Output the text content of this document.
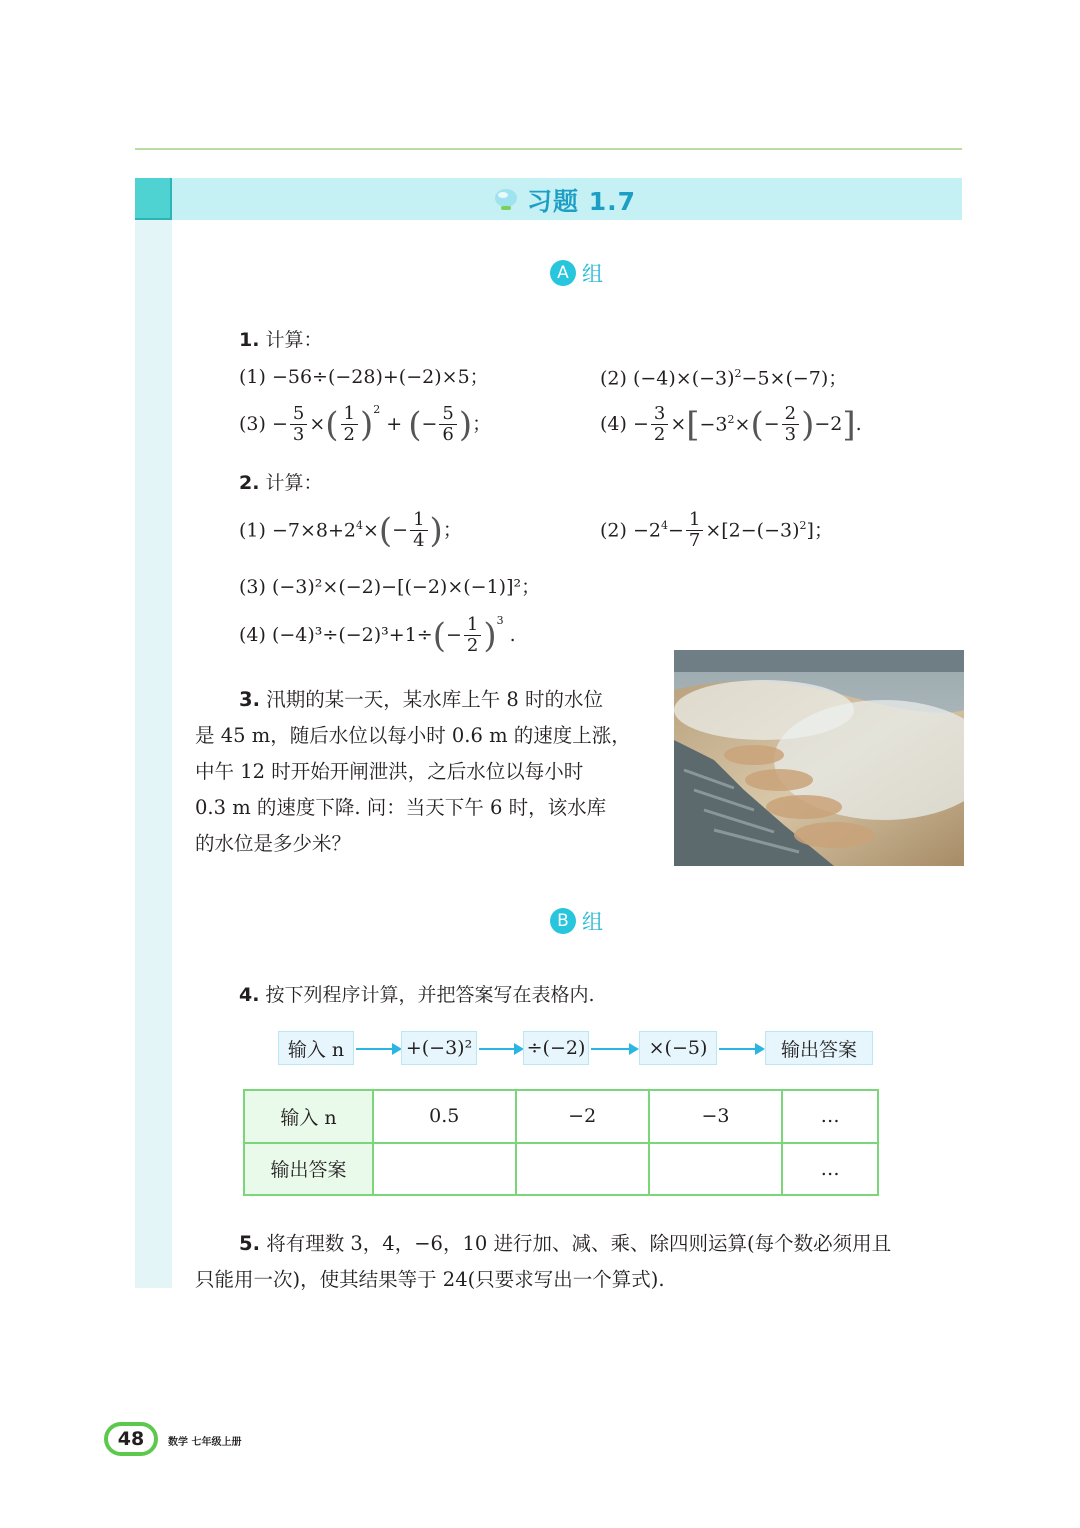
习题 1.7
A 组
1. 计算：
(1) −56÷(−28)+(−2)×5；	(2) $(-4)\times(-3)^2-5\times(-7)$；
$(3) - \frac{5}{3}$ × ( $\frac{1}{2} )^2$
+ ( − $\frac{5}{6}$ ) ；	$(4) - \frac{3}{2}$ × [ $-3^2\times$ ( − $\frac{2}{3}$ ) −2 ] .
2. 计算：
$(1) -7\times 8+2^4\times$ ( − $\frac{1}{4}$ ) ；	$(2) -2^4- \frac{1}{7} \times[2-(-3)^2]$；
(3) (−3)²×(−2)−[(−2)×(−1)]²；
(4) (−4)³÷(−2)³+1÷ ( − $\frac{1}{2} )^3$
.
3. 汛期的某一天，某水库上午 8 时的水位
是 45 m，随后水位以每小时 0.6 m 的速度上涨，
中午 12 时开始开闸泄洪，之后水位以每小时
0.3 m 的速度下降. 问：当天下午 6 时，该水库
的水位是多少米？
B 组
4. 按下列程序计算，并把答案写在表格内.
输入 n	+(−3)²	÷(−2)	×(−5)	输出答案
输入 n	0.5	−2	−3	…
输出答案				…
5. 将有理数 3，4，−6，10 进行加、减、乘、除四则运算(每个数必须用且
只能用一次)，使其结果等于 24(只要求写出一个算式).
48	数学 七年级上册
